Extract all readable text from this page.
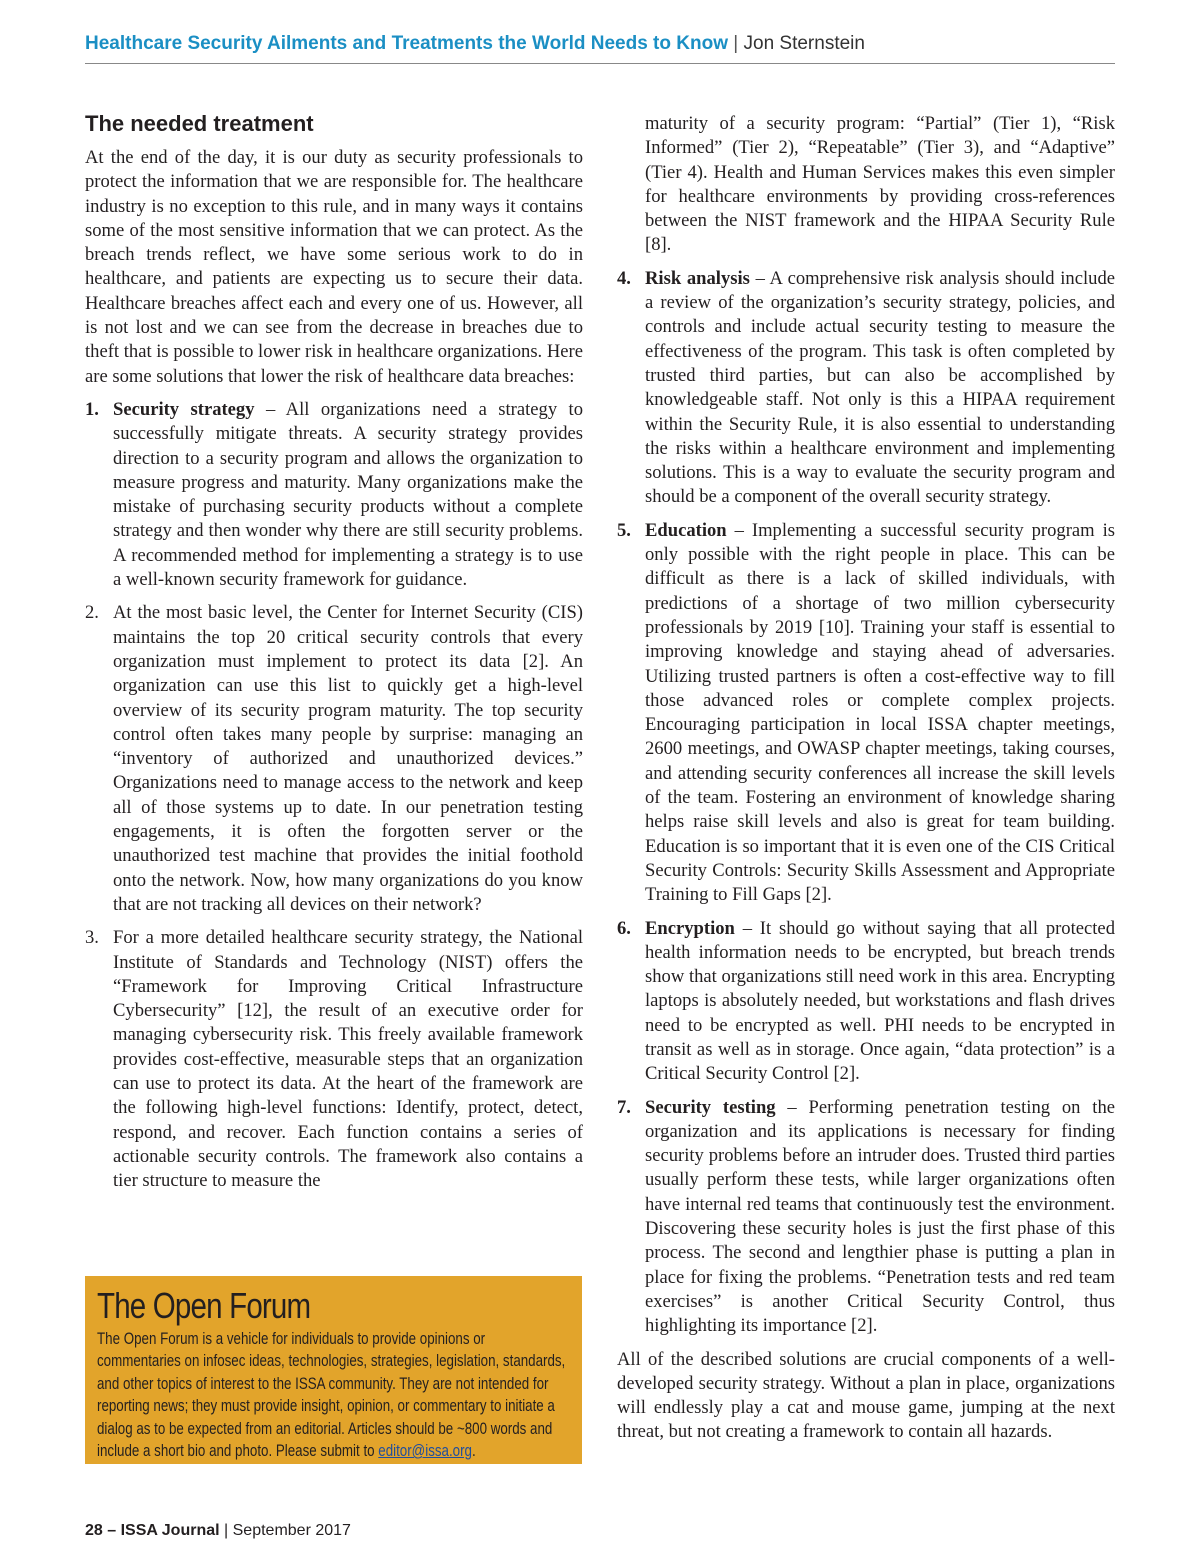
Healthcare Security Ailments and Treatments the World Needs to Know | Jon Sternstein

The needed treatment

At the end of the day, it is our duty as security professionals to protect the information that we are responsible for. The healthcare industry is no exception to this rule, and in many ways it contains some of the most sensitive information that we can protect. As the breach trends reflect, we have some serious work to do in healthcare, and patients are expecting us to secure their data. Healthcare breaches affect each and every one of us. However, all is not lost and we can see from the decrease in breaches due to theft that is possible to lower risk in healthcare organizations. Here are some solutions that lower the risk of healthcare data breaches:

1. Security strategy – All organizations need a strategy to successfully mitigate threats. A security strategy provides direction to a security program and allows the organization to measure progress and maturity. Many organizations make the mistake of purchasing security products without a complete strategy and then wonder why there are still security problems. A recommended method for implementing a strategy is to use a well-known security framework for guidance.
2. At the most basic level, the Center for Internet Security (CIS) maintains the top 20 critical security controls that every organization must implement to protect its data [2]. An organization can use this list to quickly get a high-level overview of its security program maturity. The top security control often takes many people by surprise: managing an “inventory of authorized and unauthorized devices.” Organizations need to manage access to the network and keep all of those systems up to date. In our penetration testing engagements, it is often the forgotten server or the unauthorized test machine that provides the initial foothold onto the network. Now, how many organizations do you know that are not tracking all devices on their network?
3. For a more detailed healthcare security strategy, the National Institute of Standards and Technology (NIST) offers the “Framework for Improving Critical Infrastructure Cybersecurity” [12], the result of an executive order for managing cybersecurity risk. This freely available framework provides cost-effective, measurable steps that an organization can use to protect its data. At the heart of the framework are the following high-level functions: Identify, protect, detect, respond, and recover. Each function contains a series of actionable security controls. The framework also contains a tier structure to measure the
maturity of a security program: “Partial” (Tier 1), “Risk Informed” (Tier 2), “Repeatable” (Tier 3), and “Adaptive” (Tier 4). Health and Human Services makes this even simpler for healthcare environments by providing cross-references between the NIST framework and the HIPAA Security Rule [8].
4. Risk analysis – A comprehensive risk analysis should include a review of the organization’s security strategy, policies, and controls and include actual security testing to measure the effectiveness of the program. This task is often completed by trusted third parties, but can also be accomplished by knowledgeable staff. Not only is this a HIPAA requirement within the Security Rule, it is also essential to understanding the risks within a healthcare environment and implementing solutions. This is a way to evaluate the security program and should be a component of the overall security strategy.
5. Education – Implementing a successful security program is only possible with the right people in place. This can be difficult as there is a lack of skilled individuals, with predictions of a shortage of two million cybersecurity professionals by 2019 [10]. Training your staff is essential to improving knowledge and staying ahead of adversaries. Utilizing trusted partners is often a cost-effective way to fill those advanced roles or complete complex projects. Encouraging participation in local ISSA chapter meetings, 2600 meetings, and OWASP chapter meetings, taking courses, and attending security conferences all increase the skill levels of the team. Fostering an environment of knowledge sharing helps raise skill levels and also is great for team building. Education is so important that it is even one of the CIS Critical Security Controls: Security Skills Assessment and Appropriate Training to Fill Gaps [2].
6. Encryption – It should go without saying that all protected health information needs to be encrypted, but breach trends show that organizations still need work in this area. Encrypting laptops is absolutely needed, but workstations and flash drives need to be encrypted as well. PHI needs to be encrypted in transit as well as in storage. Once again, “data protection” is a Critical Security Control [2].
7. Security testing – Performing penetration testing on the organization and its applications is necessary for finding security problems before an intruder does. Trusted third parties usually perform these tests, while larger organizations often have internal red teams that continuously test the environment. Discovering these security holes is just the first phase of this process. The second and lengthier phase is putting a plan in place for fixing the problems. “Penetration tests and red team exercises” is another Critical Security Control, thus highlighting its importance [2].

All of the described solutions are crucial components of a well-developed security strategy. Without a plan in place, organizations will endlessly play a cat and mouse game, jumping at the next threat, but not creating a framework to contain all hazards.

The Open Forum
The Open Forum is a vehicle for individuals to provide opinions or commentaries on infosec ideas, technologies, strategies, legislation, standards, and other topics of interest to the ISSA community. They are not intended for reporting news; they must provide insight, opinion, or commentary to initiate a dialog as to be expected from an editorial. Articles should be ~800 words and include a short bio and photo. Please submit to editor@issa.org.
28 – ISSA Journal | September 2017
